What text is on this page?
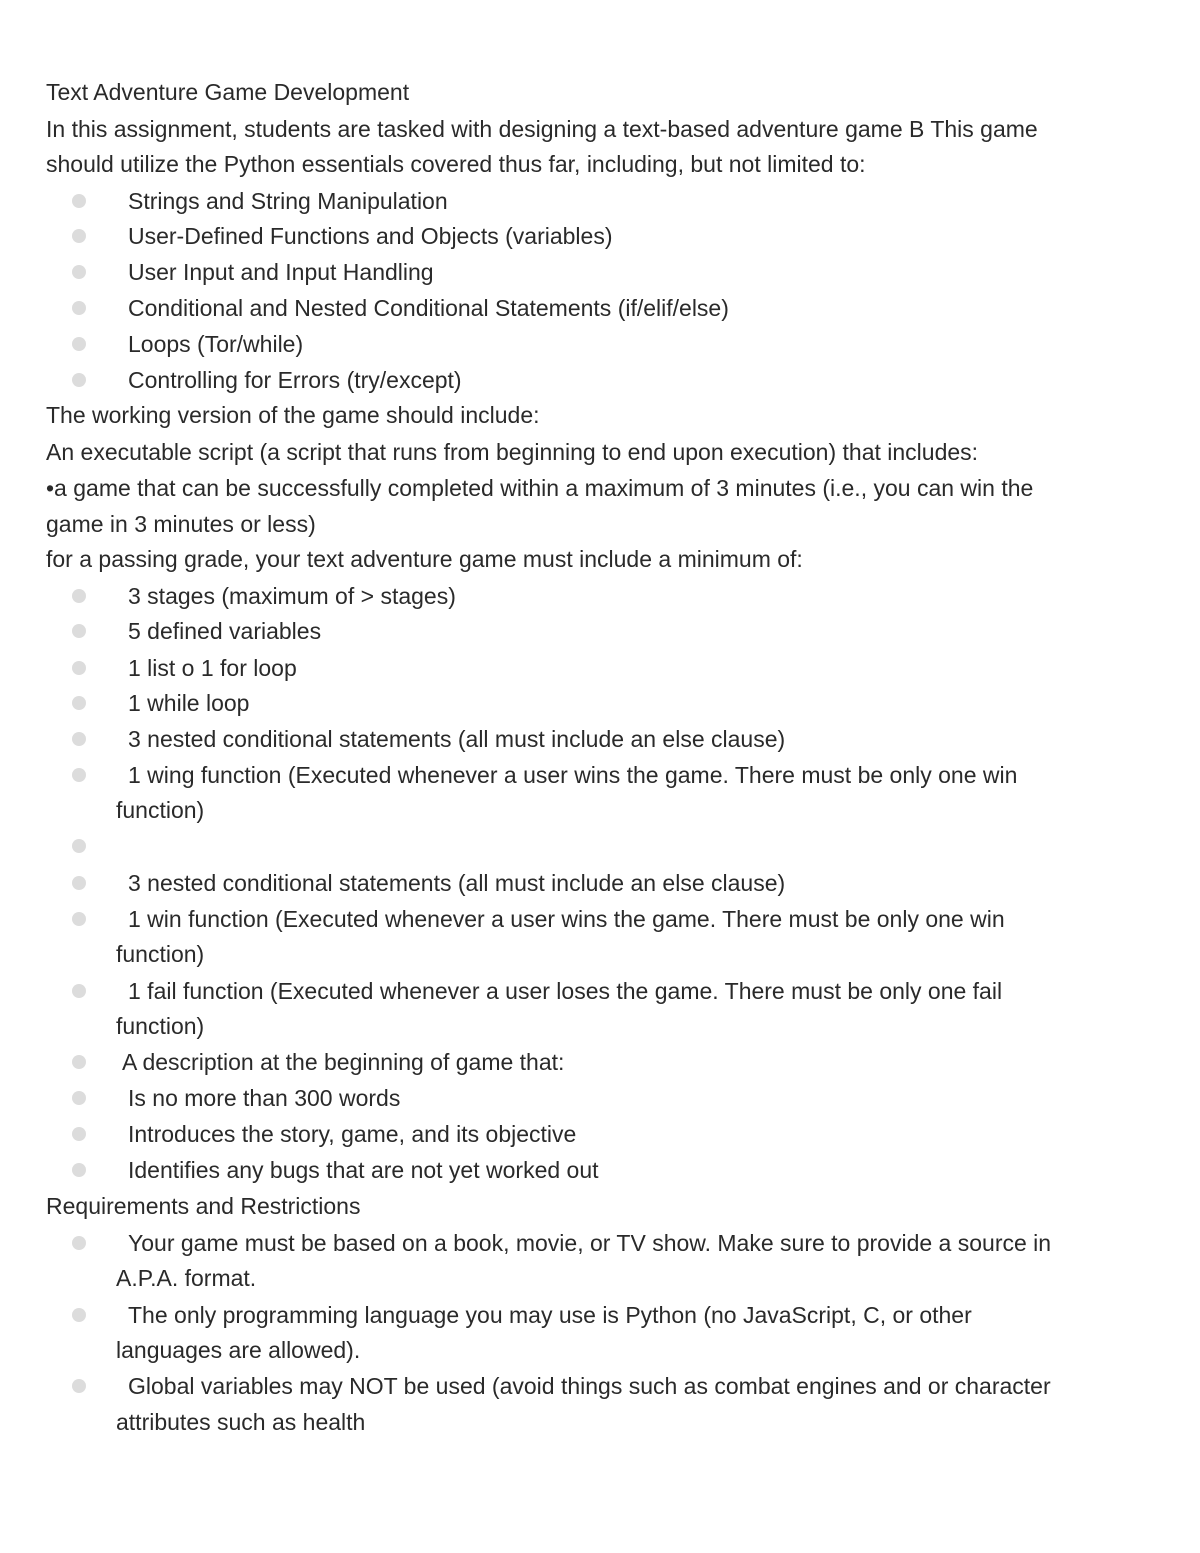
Text Adventure Game Development
In this assignment, students are tasked with designing a text-based adventure game B This game
should utilize the Python essentials covered thus far, including, but not limited to:
Strings and String Manipulation
User-Defined Functions and Objects (variables)
User Input and Input Handling
Conditional and Nested Conditional Statements (if/elif/else)
Loops (Tor/while)
Controlling for Errors (try/except)
The working version of the game should include:
An executable script (a script that runs from beginning to end upon execution) that includes:
•a game that can be successfully completed within a maximum of 3 minutes (i.e., you can win the
game in 3 minutes or less)
for a passing grade, your text adventure game must include a minimum of:
3 stages (maximum of > stages)
5 defined variables
1 list o 1 for loop
1 while loop
3 nested conditional statements (all must include an else clause)
1 wing function (Executed whenever a user wins the game. There must be only one win
function)
3 nested conditional statements (all must include an else clause)
1 win function (Executed whenever a user wins the game. There must be only one win
function)
1 fail function (Executed whenever a user loses the game. There must be only one fail
function)
A description at the beginning of game that:
Is no more than 300 words
Introduces the story, game, and its objective
Identifies any bugs that are not yet worked out
Requirements and Restrictions
Your game must be based on a book, movie, or TV show. Make sure to provide a source in
A.P.A. format.
The only programming language you may use is Python (no JavaScript, C, or other
languages are allowed).
Global variables may NOT be used (avoid things such as combat engines and or character
attributes such as health
